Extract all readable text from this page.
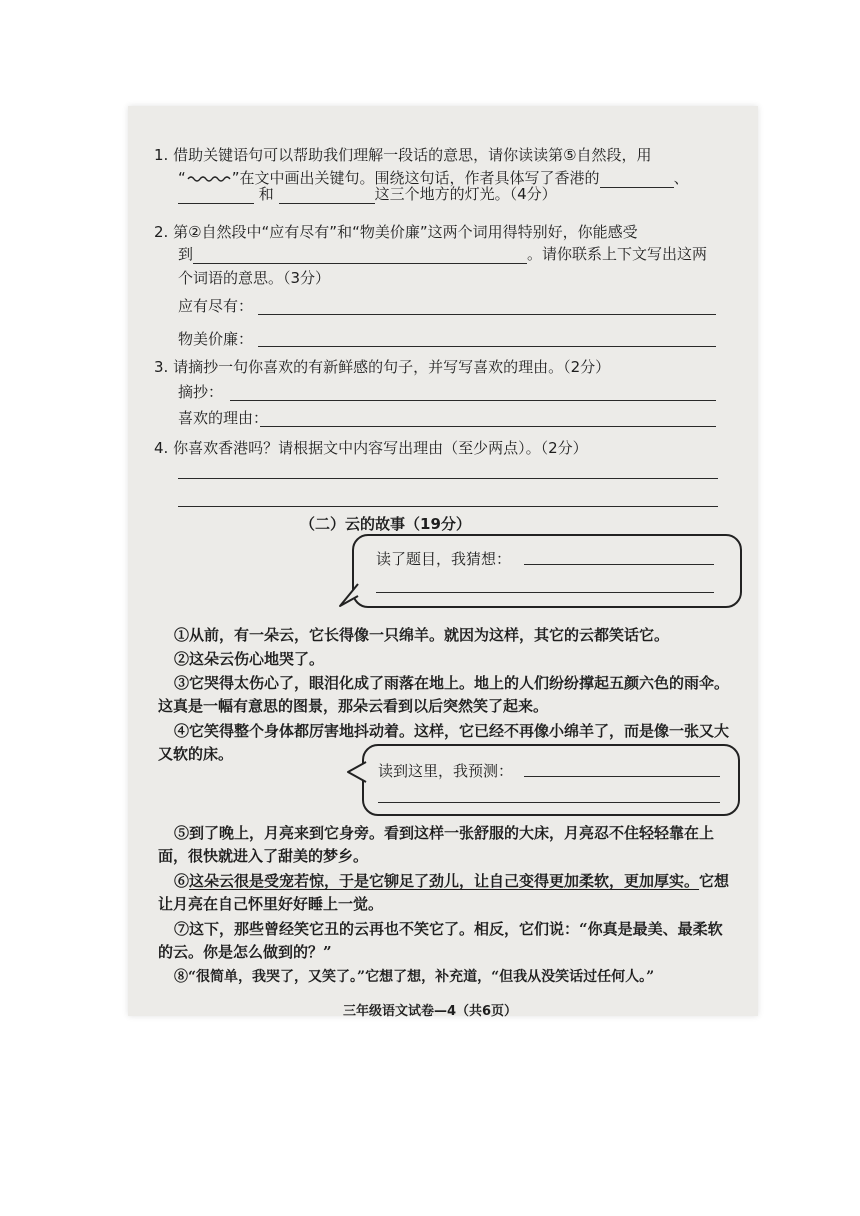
1. 借助关键语句可以帮助我们理解一段话的意思，请你读读第⑤自然段，用
“	”在文中画出关键句。围绕这句话，作者具体写了香港的	、
和	这三个地方的灯光。（4分）
2. 第②自然段中“应有尽有”和“物美价廉”这两个词用得特别好，你能感受
到	。请你联系上下文写出这两
个词语的意思。（3分）
应有尽有：
物美价廉：
3. 请摘抄一句你喜欢的有新鲜感的句子，并写写喜欢的理由。（2分）
摘抄：
喜欢的理由：
4. 你喜欢香港吗？请根据文中内容写出理由（至少两点）。（2分）
（二）云的故事（19分）
读了题目，我猜想：
①从前，有一朵云，它长得像一只绵羊。就因为这样，其它的云都笑话它。
②这朵云伤心地哭了。
③它哭得太伤心了，眼泪化成了雨落在地上。地上的人们纷纷撑起五颜六色的雨伞。这真是一幅有意思的图景，那朵云看到以后突然笑了起来。
④它笑得整个身体都厉害地抖动着。这样，它已经不再像小绵羊了，而是像一张又大又软的床。
读到这里，我预测：
⑤到了晚上，月亮来到它身旁。看到这样一张舒服的大床，月亮忍不住轻轻靠在上面，很快就进入了甜美的梦乡。
⑥这朵云很是受宠若惊，于是它铆足了劲儿，让自己变得更加柔软，更加厚实。它想让月亮在自己怀里好好睡上一觉。
⑦这下，那些曾经笑它丑的云再也不笑它了。相反，它们说：“你真是最美、最柔软的云。你是怎么做到的？”
⑧“很简单，我哭了，又笑了。”它想了想，补充道，“但我从没笑话过任何人。”
三年级语文试卷—4（共6页）
